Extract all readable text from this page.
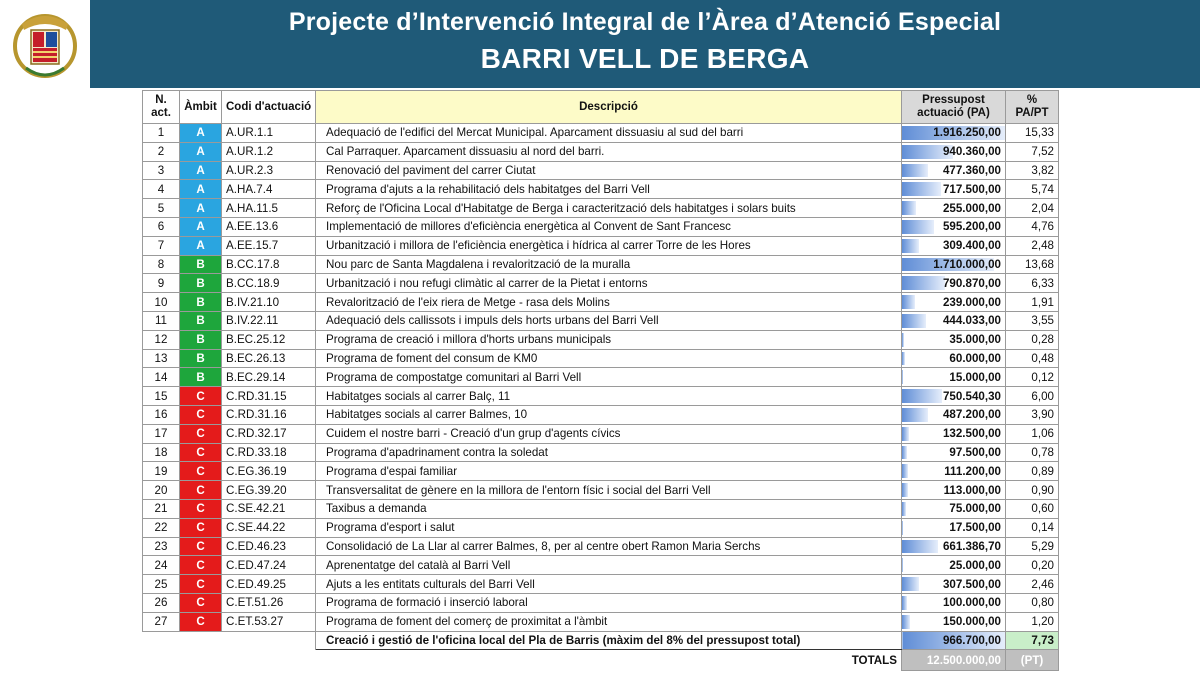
Projecte d’Intervenció Integral de l’Àrea d’Atenció Especial
BARRI VELL DE BERGA
N. act.	Àmbit	Codi d'actuació	Descripció	Pressupost actuació (PA)	% PA/PT
1	A	A.UR.1.1	Adequació de l'edifici del Mercat Municipal. Aparcament dissuasiu al sud del barri	1.916.250,00	15,33
2	A	A.UR.1.2	Cal Parraquer. Aparcament dissuasiu al nord del barri.	940.360,00	7,52
3	A	A.UR.2.3	Renovació del paviment del carrer Ciutat	477.360,00	3,82
4	A	A.HA.7.4	Programa d'ajuts a la rehabilitació dels habitatges del Barri Vell	717.500,00	5,74
5	A	A.HA.11.5	Reforç de l'Oficina Local d'Habitatge de Berga i caracterització dels habitatges i solars buits	255.000,00	2,04
6	A	A.EE.13.6	Implementació de millores d'eficiència energètica al Convent de Sant Francesc	595.200,00	4,76
7	A	A.EE.15.7	Urbanització i millora de l'eficiència energètica i hídrica al carrer Torre de les Hores	309.400,00	2,48
8	B	B.CC.17.8	Nou parc de Santa Magdalena i revalorització de la muralla	1.710.000,00	13,68
9	B	B.CC.18.9	Urbanització i nou refugi climàtic al carrer de la Pietat i entorns	790.870,00	6,33
10	B	B.IV.21.10	Revalorització de l'eix riera de Metge - rasa dels Molins	239.000,00	1,91
11	B	B.IV.22.11	Adequació dels callissots i impuls dels horts urbans del Barri Vell	444.033,00	3,55
12	B	B.EC.25.12	Programa de creació i millora d'horts urbans municipals	35.000,00	0,28
13	B	B.EC.26.13	Programa de foment del consum de KM0	60.000,00	0,48
14	B	B.EC.29.14	Programa de compostatge comunitari al Barri Vell	15.000,00	0,12
15	C	C.RD.31.15	Habitatges socials al carrer Balç, 11	750.540,30	6,00
16	C	C.RD.31.16	Habitatges socials al carrer Balmes, 10	487.200,00	3,90
17	C	C.RD.32.17	Cuidem el nostre barri - Creació d'un grup d'agents cívics	132.500,00	1,06
18	C	C.RD.33.18	Programa d'apadrinament contra la soledat	97.500,00	0,78
19	C	C.EG.36.19	Programa d'espai familiar	111.200,00	0,89
20	C	C.EG.39.20	Transversalitat de gènere en la millora de l'entorn físic i social del Barri Vell	113.000,00	0,90
21	C	C.SE.42.21	Taxibus a demanda	75.000,00	0,60
22	C	C.SE.44.22	Programa d'esport i salut	17.500,00	0,14
23	C	C.ED.46.23	Consolidació de La Llar al carrer Balmes, 8, per al centre obert Ramon Maria Serchs	661.386,70	5,29
24	C	C.ED.47.24	Aprenentatge del català al Barri Vell	25.000,00	0,20
25	C	C.ED.49.25	Ajuts a les entitats culturals del Barri Vell	307.500,00	2,46
26	C	C.ET.51.26	Programa de formació i inserció laboral	100.000,00	0,80
27	C	C.ET.53.27	Programa de foment del comerç de proximitat a l'àmbit	150.000,00	1,20
			Creació i gestió de l'oficina local del Pla de Barris (màxim del 8% del pressupost total)	966.700,00	7,73
			TOTALS	12.500.000,00	(PT)
